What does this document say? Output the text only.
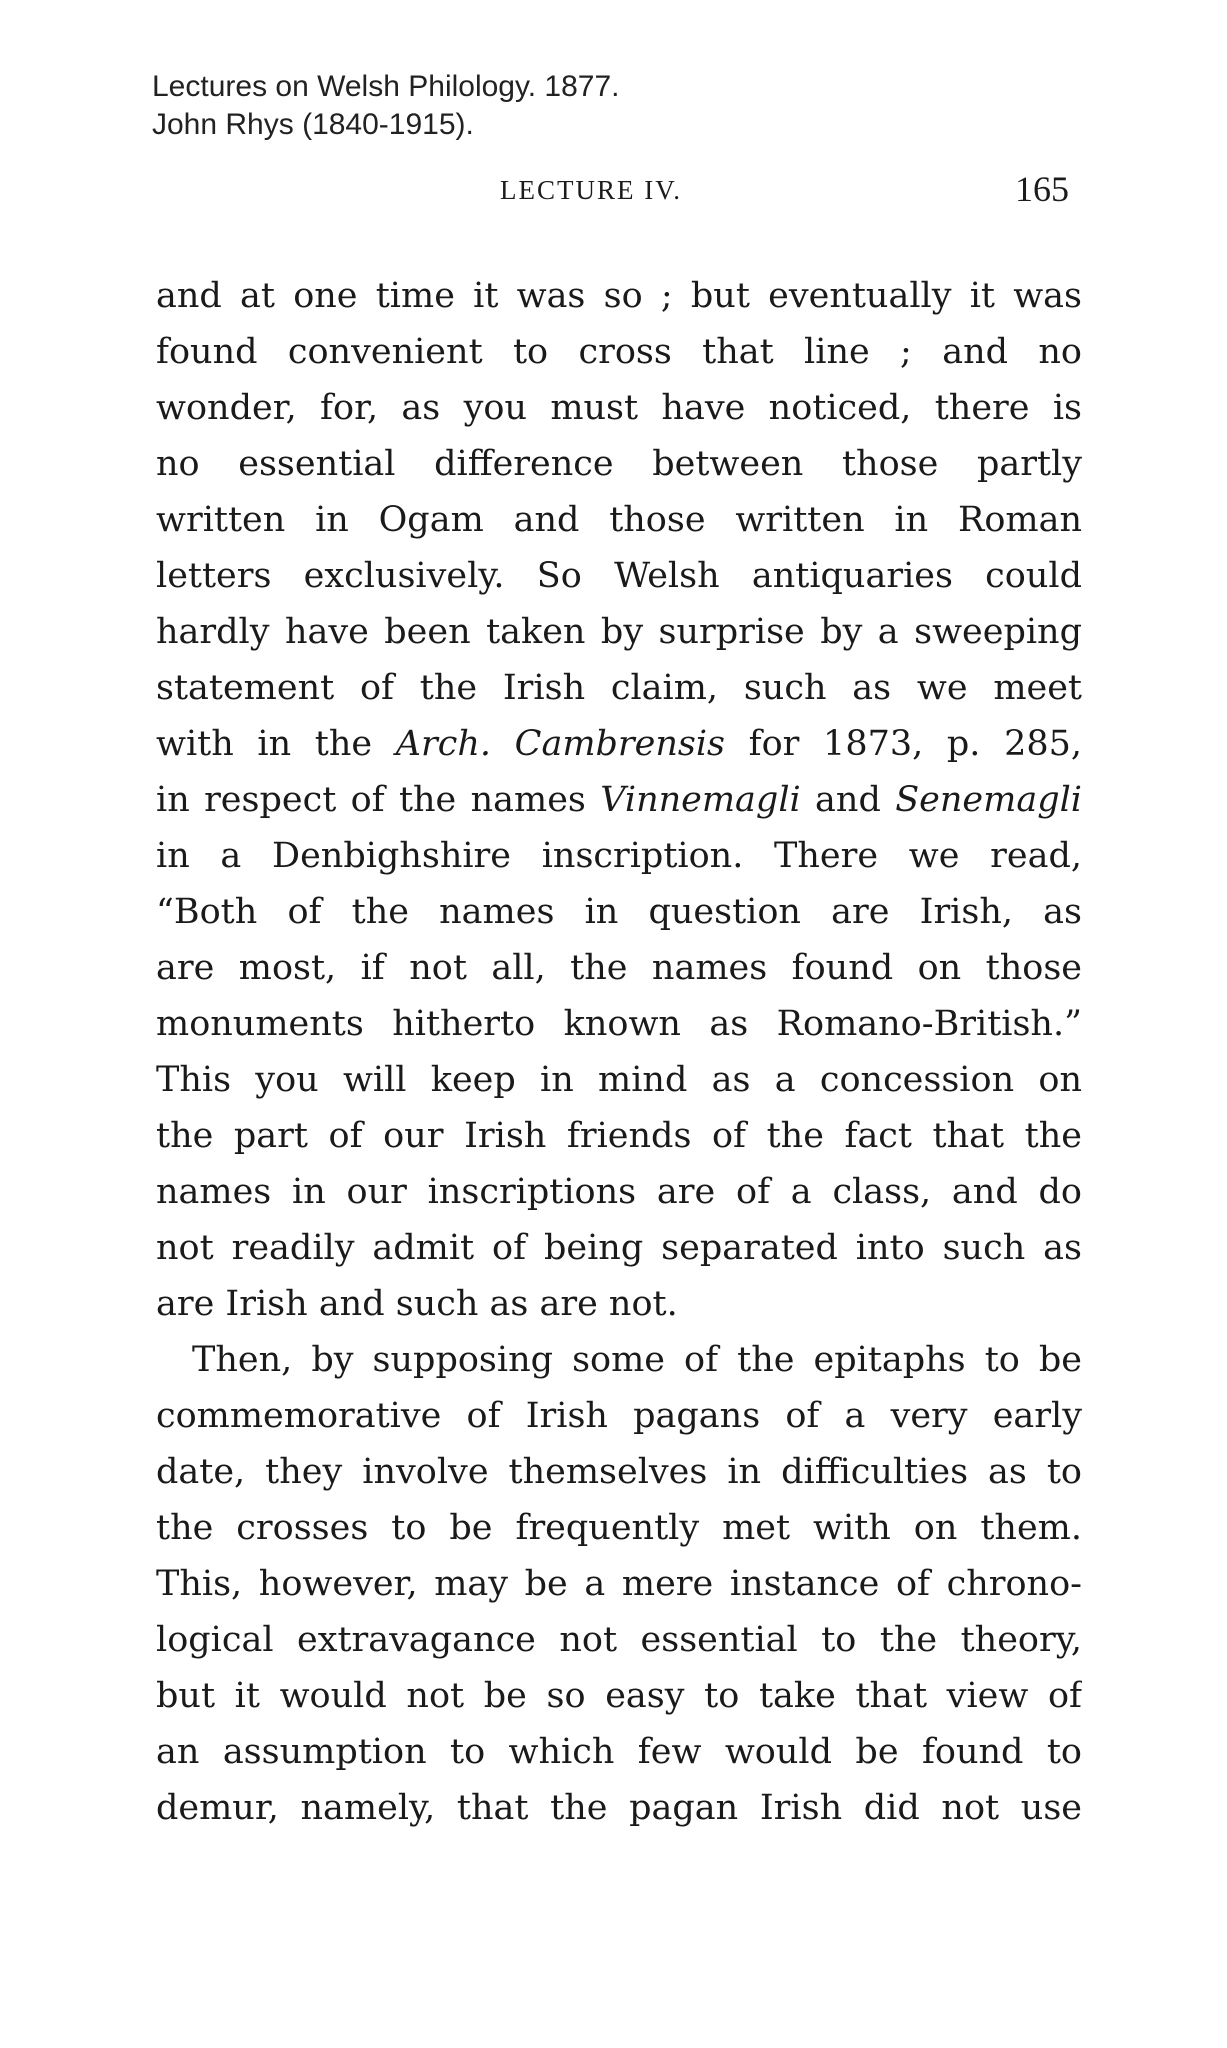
Lectures on Welsh Philology. 1877.
John Rhys (1840-1915).
LECTURE IV.	165
and at one time it was so ; but eventually it was
found convenient to cross that line ; and no
wonder, for, as you must have noticed, there is
no essential difference between those partly
written in Ogam and those written in Roman
letters exclusively. So Welsh antiquaries could
hardly have been taken by surprise by a sweeping
statement of the Irish claim, such as we meet
with in the Arch. Cambrensis for 1873, p. 285,
in respect of the names Vinnemagli and Senemagli
in a Denbighshire inscription. There we read,
“Both of the names in question are Irish, as
are most, if not all, the names found on those
monuments hitherto known as Romano-British.”
This you will keep in mind as a concession on
the part of our Irish friends of the fact that the
names in our inscriptions are of a class, and do
not readily admit of being separated into such as
are Irish and such as are not.
Then, by supposing some of the epitaphs to be
commemorative of Irish pagans of a very early
date, they involve themselves in difficulties as to
the crosses to be frequently met with on them.
This, however, may be a mere instance of chrono-
logical extravagance not essential to the theory,
but it would not be so easy to take that view of
an assumption to which few would be found to
demur, namely, that the pagan Irish did not use
